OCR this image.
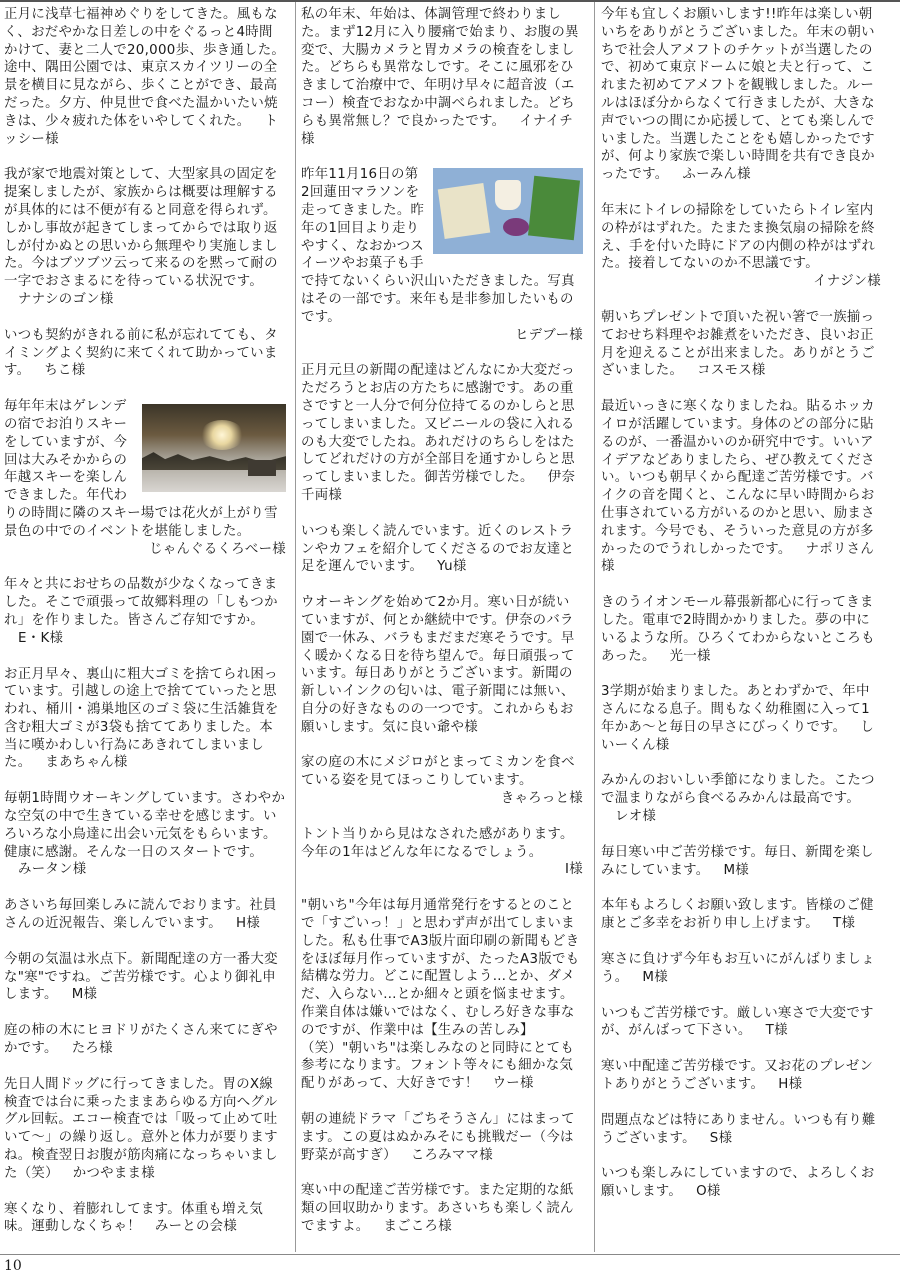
正月に浅草七福神めぐりをしてきた。風もなく、おだやかな日差しの中をぐるっと4時間かけて、妻と二人で20,000歩、歩き通した。途中、隅田公園では、東京スカイツリーの全景を横目に見ながら、歩くことができ、最高だった。夕方、仲見世で食べた温かいたい焼きは、少々疲れた体をいやしてくれた。 トッシー様
我が家で地震対策として、大型家具の固定を提案しましたが、家族からは概要は理解するが具体的には不便が有ると同意を得られず。しかし事故が起きてしまってからでは取り返しが付かぬとの思いから無理やり実施しました。今はブツブツ云って来るのを黙って耐の一字でおさまるにを待っている状況です。ナナシのゴン様
いつも契約がきれる前に私が忘れてても、タイミングよく契約に来てくれて助かっています。 ちこ様
毎年年末はゲレンデの宿でお泊りスキーをしていますが、今回は大みそかからの年越スキーを楽しんできました。年代わりの時間に隣のスキー場では花火が上がり雪景色の中でのイベントを堪能しました。
じゃんぐるくろべー様
年々と共におせちの品数が少なくなってきました。そこで頑張って故郷料理の「しもつかれ」を作りました。皆さんご存知ですか。E・K様
お正月早々、裏山に粗大ゴミを捨てられ困っています。引越しの途上で捨てていったと思われ、桶川・鴻巣地区のゴミ袋に生活雑貨を含む粗大ゴミが3袋も捨ててありました。本当に嘆かわしい行為にあきれてしまいました。 まあちゃん様
毎朝1時間ウオーキングしています。さわやかな空気の中で生きている幸せを感じます。いろいろな小鳥達に出会い元気をもらいます。健康に感謝。そんな一日のスタートです。みータン様
あさいち毎回楽しみに読んでおります。社員さんの近況報告、楽しんでいます。 H様
今朝の気温は氷点下。新聞配達の方一番大変な"寒"ですね。ご苦労様です。心より御礼申します。 M様
庭の柿の木にヒヨドリがたくさん来てにぎやかです。 たろ様
先日人間ドッグに行ってきました。胃のX線検査では台に乗ったままあらゆる方向へグルグル回転。エコー検査では「吸って止めて吐いて〜」の繰り返し。意外と体力が要りますね。検査翌日お腹が筋肉痛になっちゃいました（笑） かつやまま様
寒くなり、着膨れしてます。体重も増え気味。運動しなくちゃ！ みーとの会様
私の年末、年始は、体調管理で終わりました。まず12月に入り腰痛で始まり、お腹の異変で、大腸カメラと胃カメラの検査をしました。どちらも異常なしです。そこに風邪をひきまして治療中で、年明け早々に超音波（エコー）検査でおなか中調べられました。どちらも異常無し？で良かったです。 イナイチ様
昨年11月16日の第2回蓮田マラソンを走ってきました。昨年の1回目より走りやすく、なおかつスイーツやお菓子も手で持てないくらい沢山いただきました。写真はその一部です。来年も是非参加したいものです。
ヒデブー様
正月元旦の新聞の配達はどんなにか大変だっただろうとお店の方たちに感謝です。あの重さですと一人分で何分位持てるのかしらと思ってしまいました。又ビニールの袋に入れるのも大変でしたね。あれだけのちらしをはたしてどれだけの方が全部目を通すかしらと思ってしまいました。御苦労様でした。 伊奈千両様
いつも楽しく読んでいます。近くのレストランやカフェを紹介してくださるのでお友達と足を運んでいます。 Yu様
ウオーキングを始めて2か月。寒い日が続いていますが、何とか継続中です。伊奈のバラ園で一休み、バラもまだまだ寒そうです。早く暖かくなる日を待ち望んで。毎日頑張っています。毎日ありがとうございます。新聞の新しいインクの匂いは、電子新聞には無い、自分の好きなものの一つです。これからもお願いします。気に良い爺や様
家の庭の木にメジロがとまってミカンを食べている姿を見てほっこりしています。
きゃろっと様
トント当りから見はなされた感があります。今年の1年はどんな年になるでしょう。
I様
"朝いち"今年は毎月通常発行をするとのことで「すごいっ！」と思わず声が出てしまいました。私も仕事でA3版片面印刷の新聞もどきをほぼ毎月作っていますが、たったA3版でも結構な労力。どこに配置しよう…とか、ダメだ、入らない…とか細々と頭を悩ませます。作業自体は嫌いではなく、むしろ好きな事なのですが、作業中は【生みの苦しみ】（笑）"朝いち"は楽しみなのと同時にとても参考になります。フォント等々にも細かな気配りがあって、大好きです！ ウー様
朝の連続ドラマ「ごちそうさん」にはまってます。この夏はぬかみそにも挑戦だー（今は野菜が高すぎ） ころみママ様
寒い中の配達ご苦労様です。また定期的な紙類の回収助かります。あさいちも楽しく読んでますよ。 まごころ様
今年も宜しくお願いします!!昨年は楽しい朝いちをありがとうございました。年末の朝いちで社会人アメフトのチケットが当選したので、初めて東京ドームに娘と夫と行って、これまた初めてアメフトを観戦しました。ルールはほぼ分からなくて行きましたが、大きな声でいつの間にか応援して、とても楽しんでいました。当選したことをも嬉しかったですが、何より家族で楽しい時間を共有でき良かったです。 ふーみん様
年末にトイレの掃除をしていたらトイレ室内の枠がはずれた。たまたま換気扇の掃除を終え、手を付いた時にドアの内側の枠がはずれた。接着してないのか不思議です。
イナジン様
朝いちプレゼントで頂いた祝い箸で一族揃っておせち料理やお雑煮をいただき、良いお正月を迎えることが出来ました。ありがとうございました。 コスモス様
最近いっきに寒くなりましたね。貼るホッカイロが活躍しています。身体のどの部分に貼るのが、一番温かいのか研究中です。いいアイデアなどありましたら、ぜひ教えてください。いつも朝早くから配達ご苦労様です。バイクの音を聞くと、こんなに早い時間からお仕事されている方がいるのかと思い、励まされます。今号でも、そういった意見の方が多かったのでうれしかったです。 ナポリさん様
きのうイオンモール幕張新都心に行ってきました。電車で2時間かかりました。夢の中にいるような所。ひろくてわからないところもあった。 光一様
3学期が始まりました。あとわずかで、年中さんになる息子。間もなく幼稚園に入って1年かあ〜と毎日の早さにびっくりです。 しいーくん様
みかんのおいしい季節になりました。こたつで温まりながら食べるみかんは最高です。レオ様
毎日寒い中ご苦労様です。毎日、新聞を楽しみにしています。 M様
本年もよろしくお願い致します。皆様のご健康とご多幸をお祈り申し上げます。 T様
寒さに負けず今年もお互いにがんばりましょう。 M様
いつもご苦労様です。厳しい寒さで大変ですが、がんばって下さい。 T様
寒い中配達ご苦労様です。又お花のプレゼントありがとうございます。 H様
問題点などは特にありません。いつも有り難うございます。 S様
いつも楽しみにしていますので、よろしくお願いします。 O様
10
